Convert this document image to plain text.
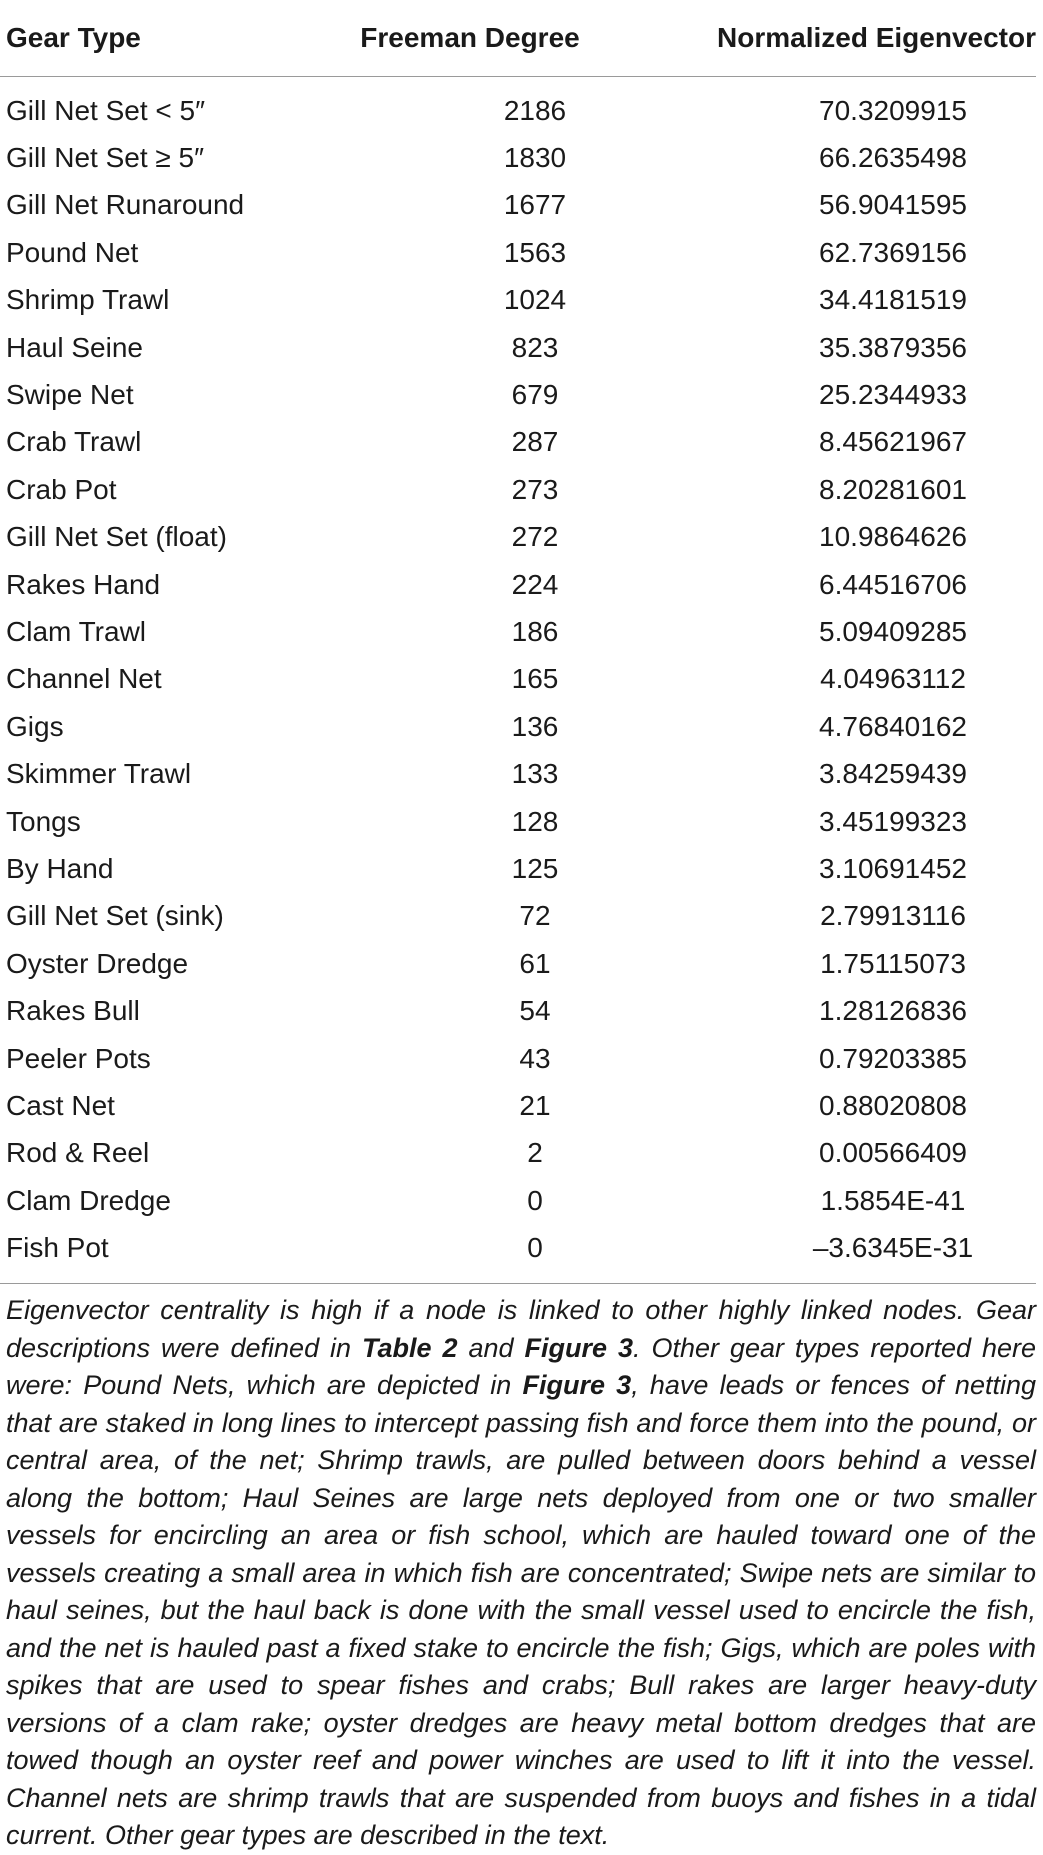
Gear Type	Freeman Degree	Normalized Eigenvector
Gill Net Set < 5″	2186	70.3209915
Gill Net Set ≥ 5″	1830	66.2635498
Gill Net Runaround	1677	56.9041595
Pound Net	1563	62.7369156
Shrimp Trawl	1024	34.4181519
Haul Seine	823	35.3879356
Swipe Net	679	25.2344933
Crab Trawl	287	8.45621967
Crab Pot	273	8.20281601
Gill Net Set (float)	272	10.9864626
Rakes Hand	224	6.44516706
Clam Trawl	186	5.09409285
Channel Net	165	4.04963112
Gigs	136	4.76840162
Skimmer Trawl	133	3.84259439
Tongs	128	3.45199323
By Hand	125	3.10691452
Gill Net Set (sink)	72	2.79913116
Oyster Dredge	61	1.75115073
Rakes Bull	54	1.28126836
Peeler Pots	43	0.79203385
Cast Net	21	0.88020808
Rod & Reel	2	0.00566409
Clam Dredge	0	1.5854E-41
Fish Pot	0	–3.6345E-31
Eigenvector centrality is high if a node is linked to other highly linked nodes. Gear descriptions were defined in Table 2 and Figure 3. Other gear types reported here were: Pound Nets, which are depicted in Figure 3, have leads or fences of netting that are staked in long lines to intercept passing fish and force them into the pound, or central area, of the net; Shrimp trawls, are pulled between doors behind a vessel along the bottom; Haul Seines are large nets deployed from one or two smaller vessels for encircling an area or fish school, which are hauled toward one of the vessels creating a small area in which fish are concentrated; Swipe nets are similar to haul seines, but the haul back is done with the small vessel used to encircle the fish, and the net is hauled past a fixed stake to encircle the fish; Gigs, which are poles with spikes that are used to spear fishes and crabs; Bull rakes are larger heavy-duty versions of a clam rake; oyster dredges are heavy metal bottom dredges that are towed though an oyster reef and power winches are used to lift it into the vessel. Channel nets are shrimp trawls that are suspended from buoys and fishes in a tidal current. Other gear types are described in the text.
